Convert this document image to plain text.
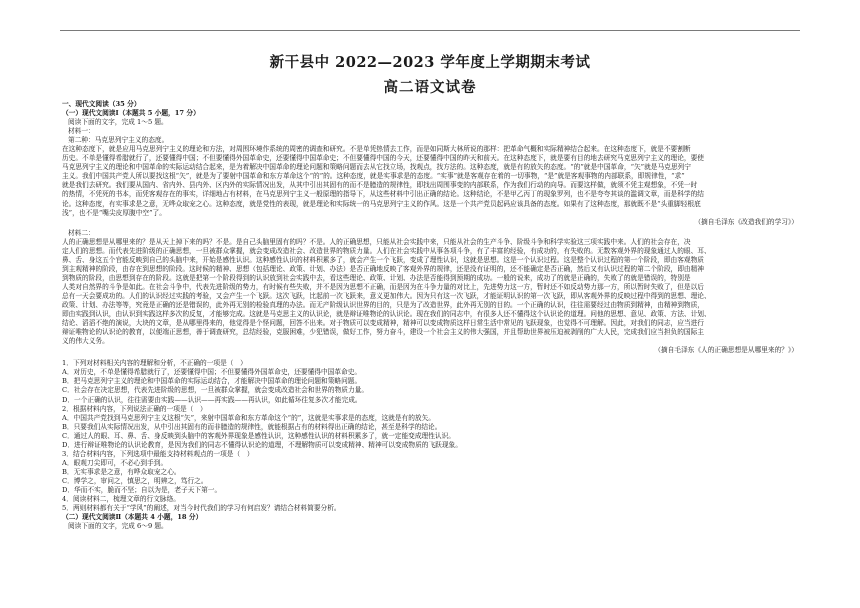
新干县中 2022—2023 学年度上学期期末考试
高二语文试卷
一、现代文阅读（35 分）
（一）现代文阅读Ⅰ（本题共 5 小题，17 分）
阅读下面的文字，完成 1～5 题。
材料一：
第二种：马克思列宁主义的态度。
在这种态度下，就是应用马克思列宁主义的理论和方法，对周围环境作系统的周密的调查和研究。不是单凭热情去工作，而是如同斯大林所说的那样：把革命气概和实际精神结合起来。在这种态度下，就是不要割断
历史。不单是懂得希腊就行了，还要懂得中国；不但要懂得外国革命史，还要懂得中国革命史；不但要懂得中国的今天，还要懂得中国的昨天和前天。在这种态度下，就是要有目的地去研究马克思列宁主义的理论，要使
马克思列宁主义的理论和中国革命的实际运动结合起来，是为着解决中国革命的理论问题和策略问题而去从它找立场，找观点，找方法的。这种态度，就是有的放矢的态度。“的”就是中国革命，“矢”就是马克思列宁
主义。我们中国共产党人所以要找这根“矢”，就是为了要射中国革命和东方革命这个“的”的。这种态度，就是实事求是的态度。“实事”就是客观存在着的一切事物，“是”就是客观事物的内部联系，即规律性，“求”
就是我们去研究。我们要从国内、省内外、县内外、区内外的实际情况出发，从其中引出其固有的而不是臆造的规律性，即找出周围事变的内部联系，作为我们行动的向导。而要这样做，就须不凭主观想象，不凭一时
的热情，不凭死的书本，而凭客观存在的事实，详细地占有材料，在马克思列宁主义一般原理的指导下，从这些材料中引出正确的结论。这种结论，不是甲乙丙丁的现象罗列，也不是夸夸其谈的滥调文章，而是科学的结
论。这种态度，有实事求是之意，无哗众取宠之心。这种态度，就是党性的表现，就是理论和实际统一的马克思列宁主义的作风。这是一个共产党员起码应该具备的态度。如果有了这种态度，那就既不是“头重脚轻根底
浅”，也不是“嘴尖皮厚腹中空”了。
（摘自毛泽东《改造我们的学习》）
材料二：
人的正确思想是从哪里来的？是从天上掉下来的吗？不是。是自己头脑里固有的吗？不是。人的正确思想，只能从社会实践中来，只能从社会的生产斗争、阶级斗争和科学实验这三项实践中来。人们的社会存在，决
定人们的思想。而代表先进阶级的正确思想，一旦被群众掌握，就会变成改造社会、改造世界的物质力量。人们在社会实践中从事各项斗争，有了丰富的经验，有成功的，有失败的。无数客观外界的现象通过人的眼、耳、
鼻、舌、身这五个官能反映到自己的头脑中来，开始是感性认识。这种感性认识的材料积累多了，就会产生一个飞跃，变成了理性认识，这就是思想。这是一个认识过程。这是整个认识过程的第一个阶段，即由客观物质
到主观精神的阶段，由存在到思想的阶段。这时候的精神、思想（包括理论、政策、计划、办法）是否正确地反映了客观外界的规律，还是没有证明的，还不能确定是否正确，然后又有认识过程的第二个阶段，即由精神
到物质的阶段，由思想到存在的阶段。这就是把第一个阶段得到的认识放到社会实践中去，看这些理论、政策、计划、办法是否能得到预期的成功。一般的说来，成功了的就是正确的，失败了的就是错误的，特别是
人类对自然界的斗争是如此。在社会斗争中，代表先进阶级的势力，有时候有些失败，并不是因为思想不正确，而是因为在斗争力量的对比上，先进势力这一方，暂时还不如反动势力那一方，所以暂时失败了，但是以后
总有一天会要成功的。人们的认识经过实践的考验，又会产生一个飞跃。这次飞跃，比起前一次飞跃来，意义更加伟大。因为只有这一次飞跃，才能证明认识的第一次飞跃，即从客观外界的反映过程中得到的思想、理论、
政策、计划、办法等等，究竟是正确的还是错误的，此外再无别的检验真理的办法。而无产阶级认识世界的目的，只是为了改造世界，此外再无别的目的。一个正确的认识，往往需要经过由物质到精神，由精神到物质，
即由实践到认识，由认识到实践这样多次的反复，才能够完成。这就是马克思主义的认识论，就是辩证唯物论的认识论。现在我们的同志中，有很多人还不懂得这个认识论的道理。问他的思想、意见、政策、方法、计划、
结论、滔滔不绝的演说，大块的文章，是从哪里得来的，他觉得是个怪问题，回答不出来。对于物质可以变成精神，精神可以变成物质这样日常生活中常见的飞跃现象，也觉得不可理解。因此，对我们的同志，应当进行
辩证唯物论的认识论的教育，以便端正思想，善于调查研究，总结经验，克服困难，少犯错误，做好工作，努力奋斗，建设一个社会主义的伟大强国，并且帮助世界被压迫被剥削的广大人民，完成我们应当担负的国际主
义的伟大义务。
（摘自毛泽东《人的正确思想是从哪里来的？》）
1．下列对材料相关内容的理解和分析，不正确的一项是（　）
A．对历史，不单是懂得希腊就行了，还要懂得中国；不但要懂得外国革命史，还要懂得中国革命史。
B．把马克思列宁主义的理论和中国革命的实际运动结合，才能解决中国革命的理论问题和策略问题。
C．社会存在决定思想，代表先进阶级的思想，一旦被群众掌握，就会变成改造社会和世界的物质力量。
D．一个正确的认识，往往需要由实践——认识——再实践——再认识，如此循环往复多次才能完成。
2．根据材料内容，下列说法正确的一项是（　）
A．中国共产党找到马克思列宁主义这根“矢”，来射中国革命和东方革命这个“的”，这就是实事求是的态度，这就是有的放矢。
B．只要我们从实际情况出发，从中引出其固有的而非臆造的规律性，就能根据占有的材料得出正确的结论，甚至是科学的结论。
C．通过人的眼、耳、鼻、舌、身反映到头脑中的客观外界现象是感性认识，这种感性认识的材料积累多了，就一定能变成理性认识。
D．进行辩证唯物论的认识论教育，是因为我们的同志不懂得认识论的道理，不理解物质可以变成精神、精神可以变成物质的飞跃现象。
3．结合材料内容，下列选项中最能支持材料观点的一项是（　）
A．眼观刀尖即可，不必心到手到。
B．无实事求是之意，有哗众取宠之心。
C．博学之，审问之，慎思之，明辨之，笃行之。
D．华而不实，脆而不坚；自以为是，老子天下第一。
4．阅读材料二，梳理文章的行文脉络。
5．两则材料都有关于“学风”的阐述，对当今时代我们的学习有何启发？请结合材料简要分析。
（二）现代文阅读Ⅱ（本题共 4 小题，18 分）
阅读下面的文字，完成 6～9 题。
